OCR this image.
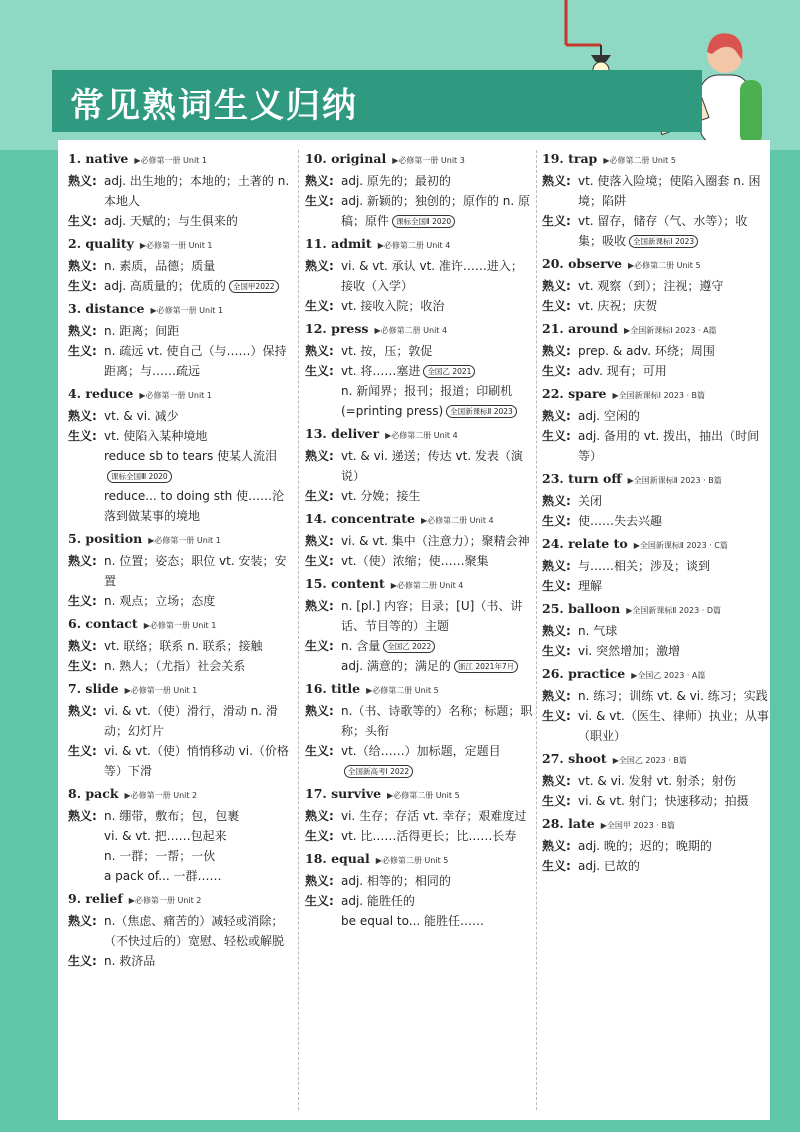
常见熟词生义归纳
1. native ▶必修第一册 Unit 1
熟义: adj. 出生地的；本地的；土著的 n. 本地人
生义: adj. 天赋的；与生俱来的
2. quality ▶必修第一册 Unit 1
熟义: n. 素质，品德；质量
生义: adj. 高质量的；优质的 全国甲2022
3. distance ▶必修第一册 Unit 1
熟义: n. 距离；间距
生义: n. 疏远 vt. 使自己（与……）保持距离；与……疏远
4. reduce ▶必修第一册 Unit 1
熟义: vt. & vi. 减少
生义: vt. 使陷入某种境地
reduce sb to tears 使某人流泪课标全国Ⅲ 2020
reduce... to doing sth 使……沦落到做某事的境地
5. position ▶必修第一册 Unit 1
熟义: n. 位置；姿态；职位 vt. 安装；安置
生义: n. 观点；立场；态度
6. contact ▶必修第一册 Unit 1
熟义: vt. 联络；联系 n. 联系；接触
生义: n. 熟人；（尤指）社会关系
7. slide ▶必修第一册 Unit 1
熟义: vi. & vt.（使）滑行，滑动 n. 滑动；幻灯片
生义: vi. & vt.（使）悄悄移动 vi.（价格等）下滑
8. pack ▶必修第一册 Unit 2
熟义: n. 绷带，敷布；包，包裹
vi. & vt. 把……包起来
n. 一群；一帮；一伙
a pack of... 一群……
9. relief ▶必修第一册 Unit 2
熟义: n.（焦虑、痛苦的）减轻或消除；（不快过后的）宽慰、轻松或解脱
生义: n. 救济品
10. original ▶必修第一册 Unit 3
熟义: adj. 原先的；最初的
生义: adj. 新颖的；独创的；原作的 n. 原稿；原件 课标全国Ⅱ 2020
11. admit ▶必修第二册 Unit 4
熟义: vi. & vt. 承认 vt. 准许……进入；接收（入学）
生义: vt. 接收入院；收治
12. press ▶必修第二册 Unit 4
熟义: vt. 按，压；敦促
生义: vt. 将……塞进 全国乙 2021
n. 新闻界；报刊；报道；印刷机 (=printing press) 全国新课标Ⅱ 2023
13. deliver ▶必修第二册 Unit 4
熟义: vt. & vi. 递送；传达 vt. 发表（演说）
生义: vt. 分娩；接生
14. concentrate ▶必修第二册 Unit 4
熟义: vi. & vt. 集中（注意力）；聚精会神
生义: vt.（使）浓缩；使……聚集
15. content ▶必修第二册 Unit 4
熟义: n. [pl.] 内容；目录；[U]（书、讲话、节目等的）主题
生义: n. 含量 全国乙 2022
adj. 满意的；满足的 浙江 2021年7月
16. title ▶必修第二册 Unit 5
熟义: n.（书、诗歌等的）名称；标题；职称；头衔
生义: vt.（给……）加标题，定题目全国新高考Ⅰ 2022
17. survive ▶必修第二册 Unit 5
熟义: vi. 生存；存活 vt. 幸存；艰难度过
生义: vt. 比……活得更长；比……长寿
18. equal ▶必修第二册 Unit 5
熟义: adj. 相等的；相同的
生义: adj. 能胜任的
be equal to... 能胜任……
19. trap ▶必修第二册 Unit 5
熟义: vt. 使落入险境；使陷入圈套 n. 困境；陷阱
生义: vt. 留存，储存（气、水等）；收集；吸收 全国新课标Ⅰ 2023
20. observe ▶必修第二册 Unit 5
熟义: vt. 观察（到）；注视；遵守
生义: vt. 庆祝；庆贺
21. around ▶全国新课标Ⅰ 2023 · A篇
熟义: prep. & adv. 环绕；周围
生义: adv. 现有；可用
22. spare ▶全国新课标Ⅰ 2023 · B篇
熟义: adj. 空闲的
生义: adj. 备用的 vt. 拨出，抽出（时间等）
23. turn off ▶全国新课标Ⅱ 2023 · B篇
熟义: 关闭
生义: 使……失去兴趣
24. relate to ▶全国新课标Ⅱ 2023 · C篇
熟义: 与……相关；涉及；谈到
生义: 理解
25. balloon ▶全国新课标Ⅱ 2023 · D篇
熟义: n. 气球
生义: vi. 突然增加；激增
26. practice ▶全国乙 2023 · A篇
熟义: n. 练习；训练 vt. & vi. 练习；实践
生义: vi. & vt.（医生、律师）执业；从事（职业）
27. shoot ▶全国乙 2023 · B篇
熟义: vt. & vi. 发射 vt. 射杀；射伤
生义: vi. & vt. 射门；快速移动；拍摄
28. late ▶全国甲 2023 · B篇
熟义: adj. 晚的；迟的；晚期的
生义: adj. 已故的
